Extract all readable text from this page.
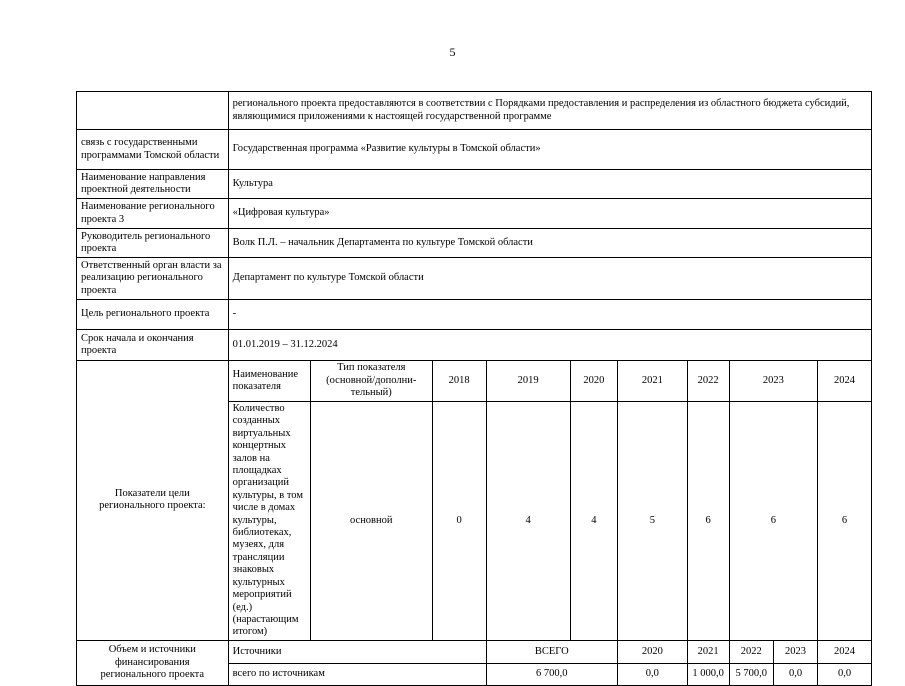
5
	регионального проекта предоставляются в соответствии с Порядками предоставления и распределения из областного бюджета субсидий, являющимися приложениями к настоящей государственной программе									
связь с государственными программами Томской области	Государственная программа «Развитие культуры в Томской области»									
Наименование направления проектной деятельности	Культура									
Наименование регионального проекта 3	«Цифровая культура»									
Руководитель регионального проекта	Волк П.Л. – начальник Департамента по культуре Томской области									
Ответственный орган власти за реализацию регионального проекта	Департамент по культуре Томской области									
Цель регионального проекта	-									
Срок начала и окончания проекта	01.01.2019 – 31.12.2024									
Показатели цели регионального проекта:	Наименование показателя	Тип показателя (основной/дополни-тельный)	2018	2019	2020	2021	2022	2023		2024
	Количество созданных виртуальных концертных залов на площадках организаций культуры, в том числе в домах культуры, библиотеках, музеях, для трансляции знаковых культурных мероприятий (ед.) (нарастающим итогом)	основной	0	4	4	5	6	6		6
Объем и источники финансирования регионального проекта	Источники			ВСЕГО		2020	2021	2022	2023	2024
	всего по источникам			6 700,0		0,0	1 000,0	5 700,0	0,0	0,0
